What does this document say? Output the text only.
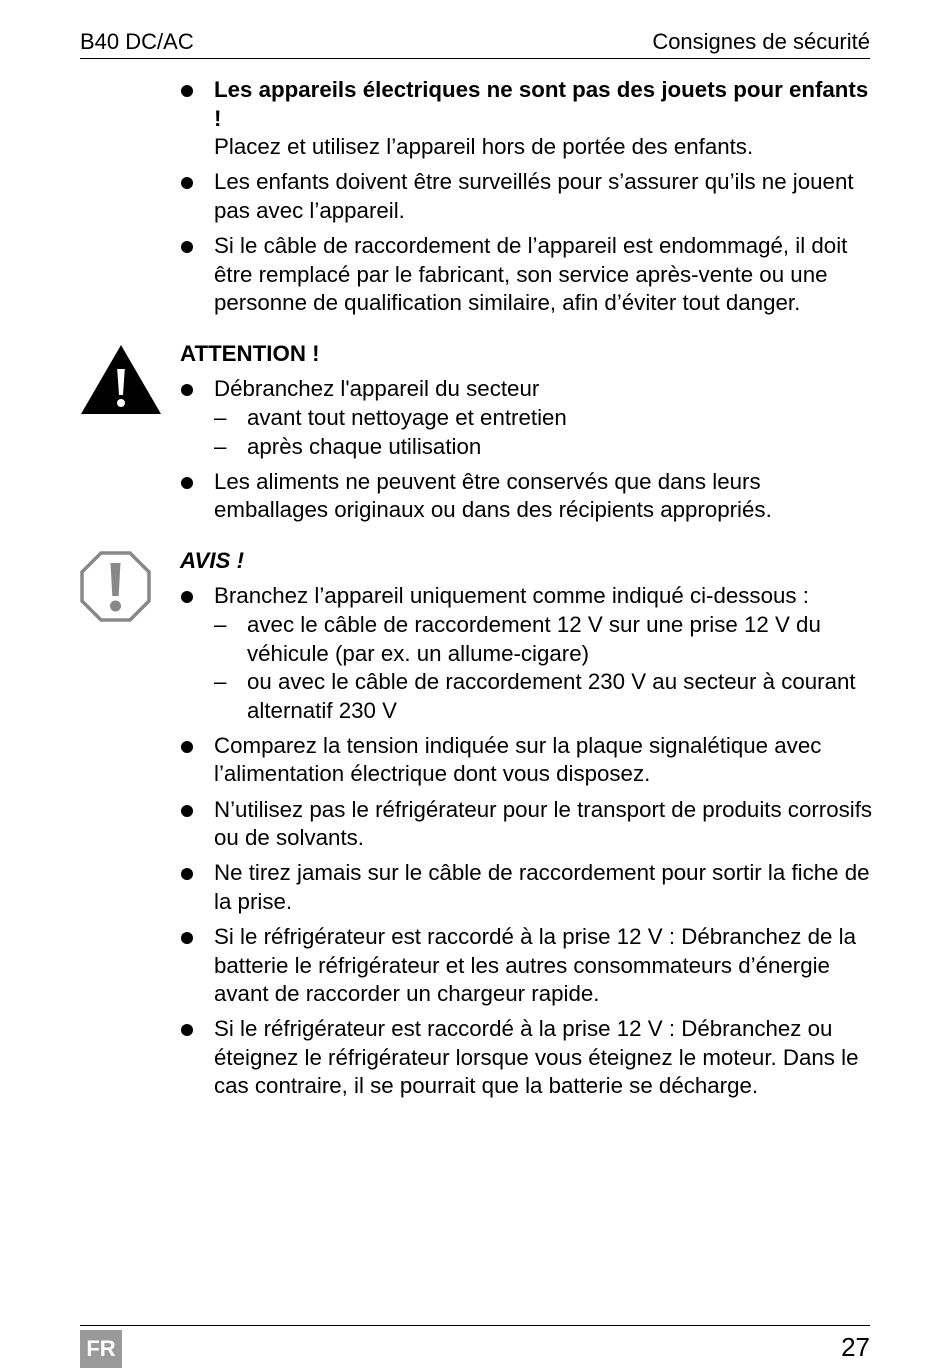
B40 DC/AC	Consignes de sécurité
Les appareils électriques ne sont pas des jouets pour enfants !
Placez et utilisez l’appareil hors de portée des enfants.
Les enfants doivent être surveillés pour s’assurer qu’ils ne jouent pas avec l’appareil.
Si le câble de raccordement de l’appareil est endommagé, il doit être remplacé par le fabricant, son service après-vente ou une personne de qualification similaire, afin d’éviter tout danger.
ATTENTION !
Débranchez l'appareil du secteur
– avant tout nettoyage et entretien
– après chaque utilisation
Les aliments ne peuvent être conservés que dans leurs emballages originaux ou dans des récipients appropriés.
AVIS !
Branchez l’appareil uniquement comme indiqué ci-dessous :
– avec le câble de raccordement 12 V sur une prise 12 V du véhicule (par ex. un allume-cigare)
– ou avec le câble de raccordement 230 V au secteur à courant alternatif 230 V
Comparez la tension indiquée sur la plaque signalétique avec l’alimentation électrique dont vous disposez.
N’utilisez pas le réfrigérateur pour le transport de produits corrosifs ou de solvants.
Ne tirez jamais sur le câble de raccordement pour sortir la fiche de la prise.
Si le réfrigérateur est raccordé à la prise 12 V : Débranchez de la batterie le réfrigérateur et les autres consommateurs d’énergie avant de raccorder un chargeur rapide.
Si le réfrigérateur est raccordé à la prise 12 V : Débranchez ou éteignez le réfrigérateur lorsque vous éteignez le moteur. Dans le cas contraire, il se pourrait que la batterie se décharge.
FR	27
